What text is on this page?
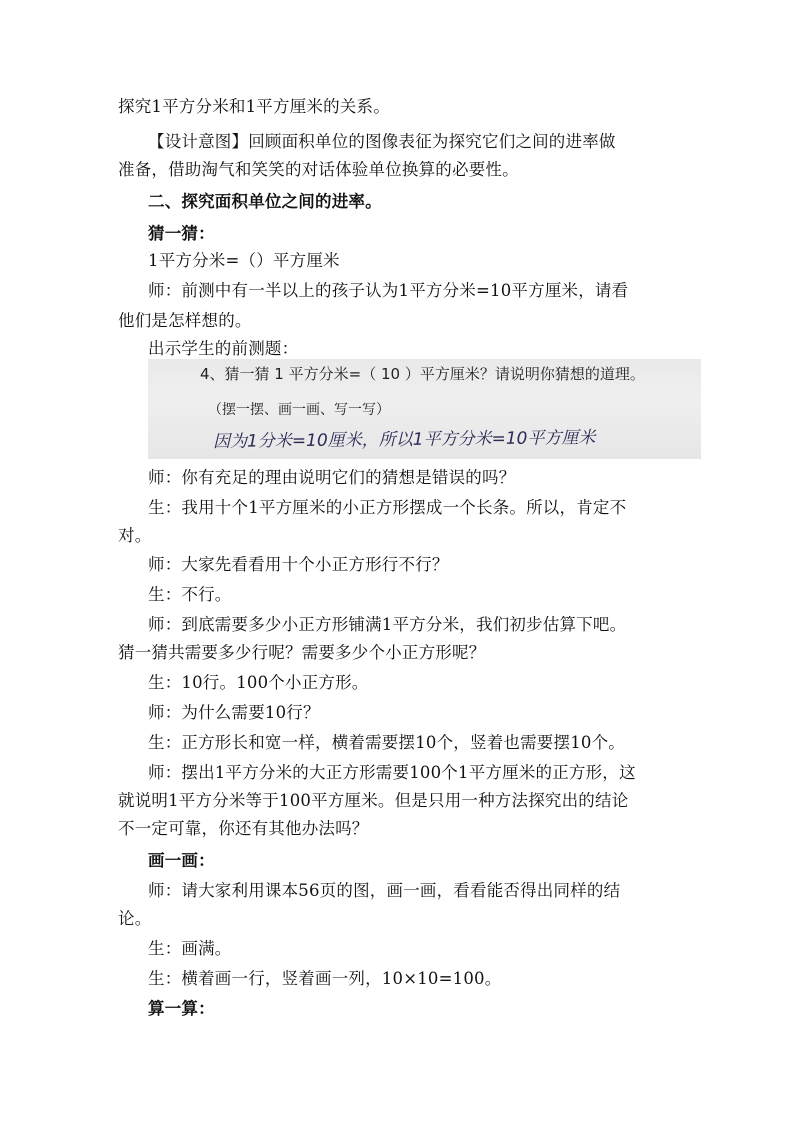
探究1平方分米和1平方厘米的关系。
【设计意图】回顾面积单位的图像表征为探究它们之间的进率做
准备，借助淘气和笑笑的对话体验单位换算的必要性。
二、探究面积单位之间的进率。
猜一猜：
1平方分米=（）平方厘米
师：前测中有一半以上的孩子认为1平方分米=10平方厘米，请看
他们是怎样想的。
出示学生的前测题：
4、猜一猜 1 平方分米=（ 10 ）平方厘米？请说明你猜想的道理。
（摆一摆、画一画、写一写）
因为1分米=10厘米，所以1平方分米=10平方厘米
师：你有充足的理由说明它们的猜想是错误的吗？
生：我用十个1平方厘米的小正方形摆成一个长条。所以，肯定不
对。
师：大家先看看用十个小正方形行不行？
生：不行。
师：到底需要多少小正方形铺满1平方分米，我们初步估算下吧。
猜一猜共需要多少行呢？需要多少个小正方形呢？
生：10行。100个小正方形。
师：为什么需要10行？
生：正方形长和宽一样，横着需要摆10个，竖着也需要摆10个。
师：摆出1平方分米的大正方形需要100个1平方厘米的正方形，这
就说明1平方分米等于100平方厘米。但是只用一种方法探究出的结论
不一定可靠，你还有其他办法吗？
画一画：
师：请大家利用课本56页的图，画一画，看看能否得出同样的结
论。
生：画满。
生：横着画一行，竖着画一列，10×10=100。
算一算：
